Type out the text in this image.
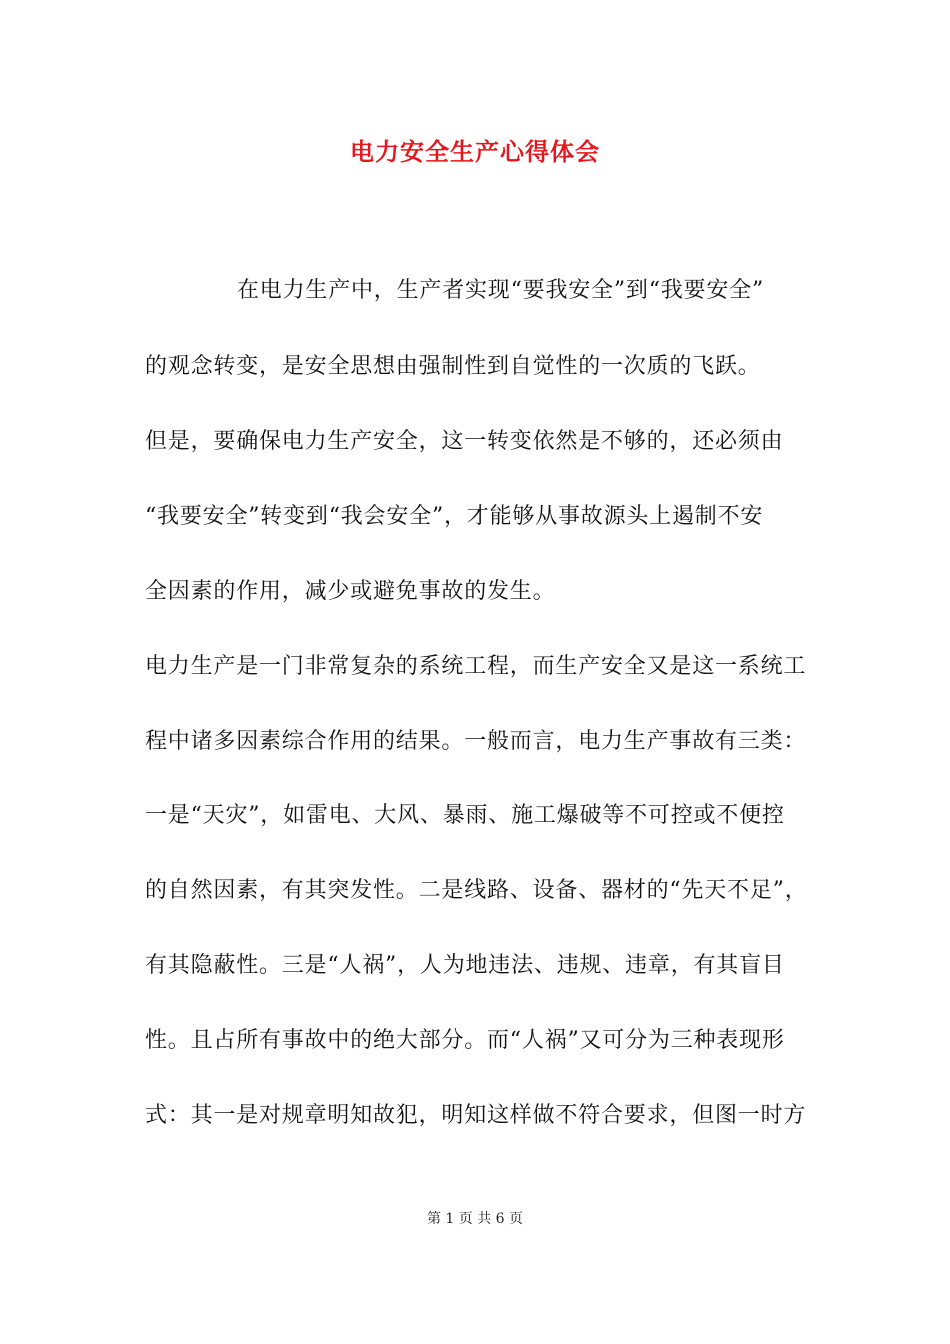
电力安全生产心得体会
在电力生产中，生产者实现“要我安全”到“我要安全”
的观念转变，是安全思想由强制性到自觉性的一次质的飞跃。
但是，要确保电力生产安全，这一转变依然是不够的，还必须由
“我要安全”转变到“我会安全”，才能够从事故源头上遏制不安
全因素的作用，减少或避免事故的发生。
电力生产是一门非常复杂的系统工程，而生产安全又是这一系统工
程中诸多因素综合作用的结果。一般而言，电力生产事故有三类：
一是“天灾”，如雷电、大风、暴雨、施工爆破等不可控或不便控
的自然因素，有其突发性。二是线路、设备、器材的“先天不足”，
有其隐蔽性。三是“人祸”，人为地违法、违规、违章，有其盲目
性。且占所有事故中的绝大部分。而“人祸”又可分为三种表现形
式：其一是对规章明知故犯，明知这样做不符合要求，但图一时方
第 1 页 共 6 页
